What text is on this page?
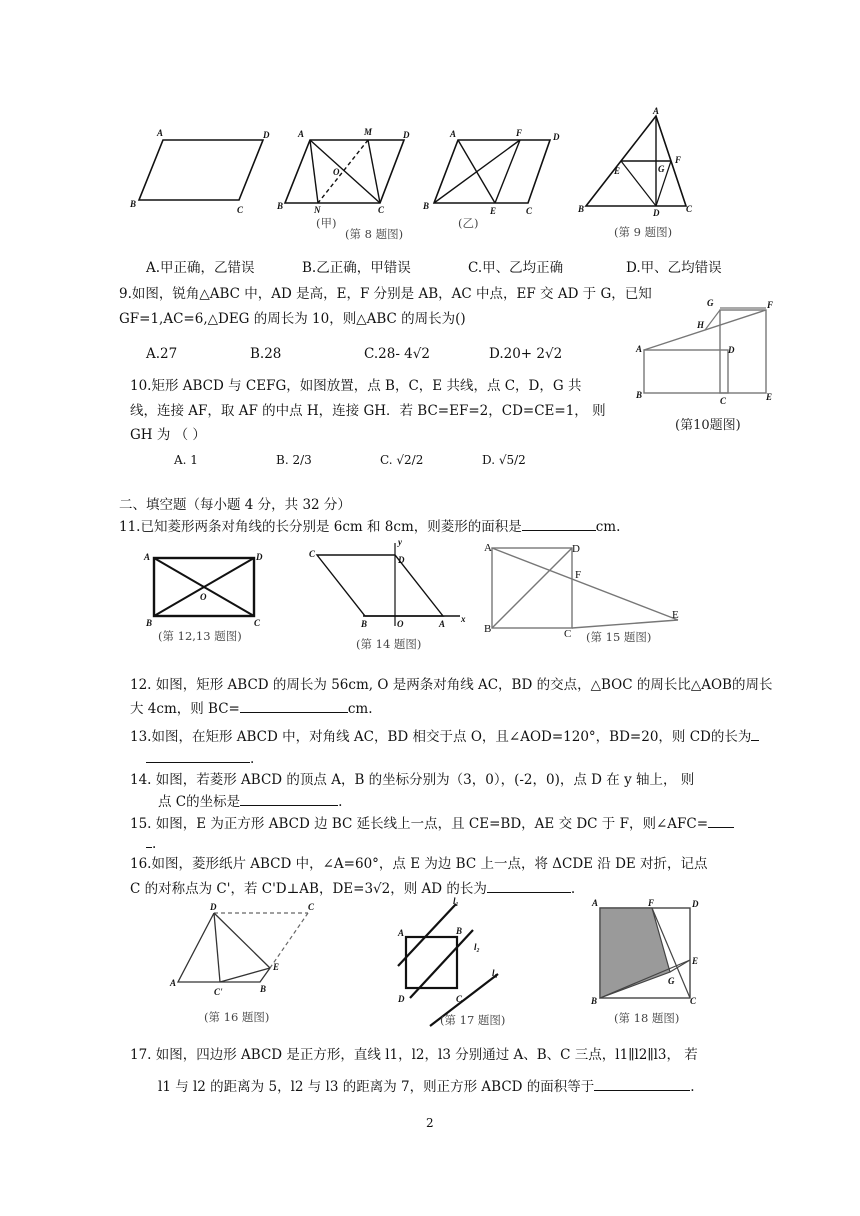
A	D
B
C
A	M	D
O
B	N	C
(甲)
(第 8 题图)
A	F	D
B	E	C
(乙)
A
F
E	G
B	D	C
(第 9 题图)
A.甲正确，乙错误	B.乙正确，甲错误	C.甲、乙均正确	D.甲、乙均错误
9.如图，锐角△ABC 中，AD 是高，E，F 分别是 AB，AC 中点，EF 交 AD 于 G，已知
GF=1,AC=6,△DEG 的周长为 10，则△ABC 的周长为()
A.27	B.28	C.28- 4√2	D.20+ 2√2
G	F
H
A	D
B
C	E
(第10题图)
10.矩形 ABCD 与 CEFG，如图放置，点 B，C，E 共线，点 C，D，G 共
线，连接 AF，取 AF 的中点 H，连接 GH．若 BC=EF=2，CD=CE=1， 则
GH 为 （ ）
A. 1	B. 2/3	C. √2/2	D. √5/2
二、填空题（每小题 4 分，共 32 分）
11.已知菱形两条对角线的长分别是 6cm 和 8cm，则菱形的面积是	cm.
A	D
O
B	C
(第 12,13 题图)
C
y
D
B	O	A x
(第 14 题图)
A	D
F
B	C
E
(第 15 题图)
12. 如图，矩形 ABCD 的周长为 56cm, O 是两条对角线 AC，BD 的交点，△BOC 的周长比△AOB的周长
大 4cm，则 BC=	cm.
13.如图，在矩形 ABCD 中，对角线 AC，BD 相交于点 O，且∠AOD=120°，BD=20，则 CD的长为
.
14. 如图，若菱形 ABCD 的顶点 A，B 的坐标分别为（3，0），(-2，0)，点 D 在 y 轴上， 则
点 C的坐标是	.
15. 如图，E 为正方形 ABCD 边 BC 延长线上一点，且 CE=BD，AE 交 DC 于 F，则∠AFC=
.
16.如图，菱形纸片 ABCD 中，∠A=60°，点 E 为边 BC 上一点，将 ΔCDE 沿 DE 对折，记点
C 的对称点为 C'，若 C'D⊥AB，DE=3√2，则 AD 的长为	.
D	C
E
A
B
C'
(第 16 题图)
l₁
l₂
l₃
A	B
D	C
(第 17 题图)
A	F	D
G
E
B	C
(第 18 题图)
17. 如图，四边形 ABCD 是正方形，直线 l1，l2，l3 分别通过 A、B、C 三点，l1∥l2∥l3， 若
l1 与 l2 的距离为 5，l2 与 l3 的距离为 7，则正方形 ABCD 的面积等于	.
2
